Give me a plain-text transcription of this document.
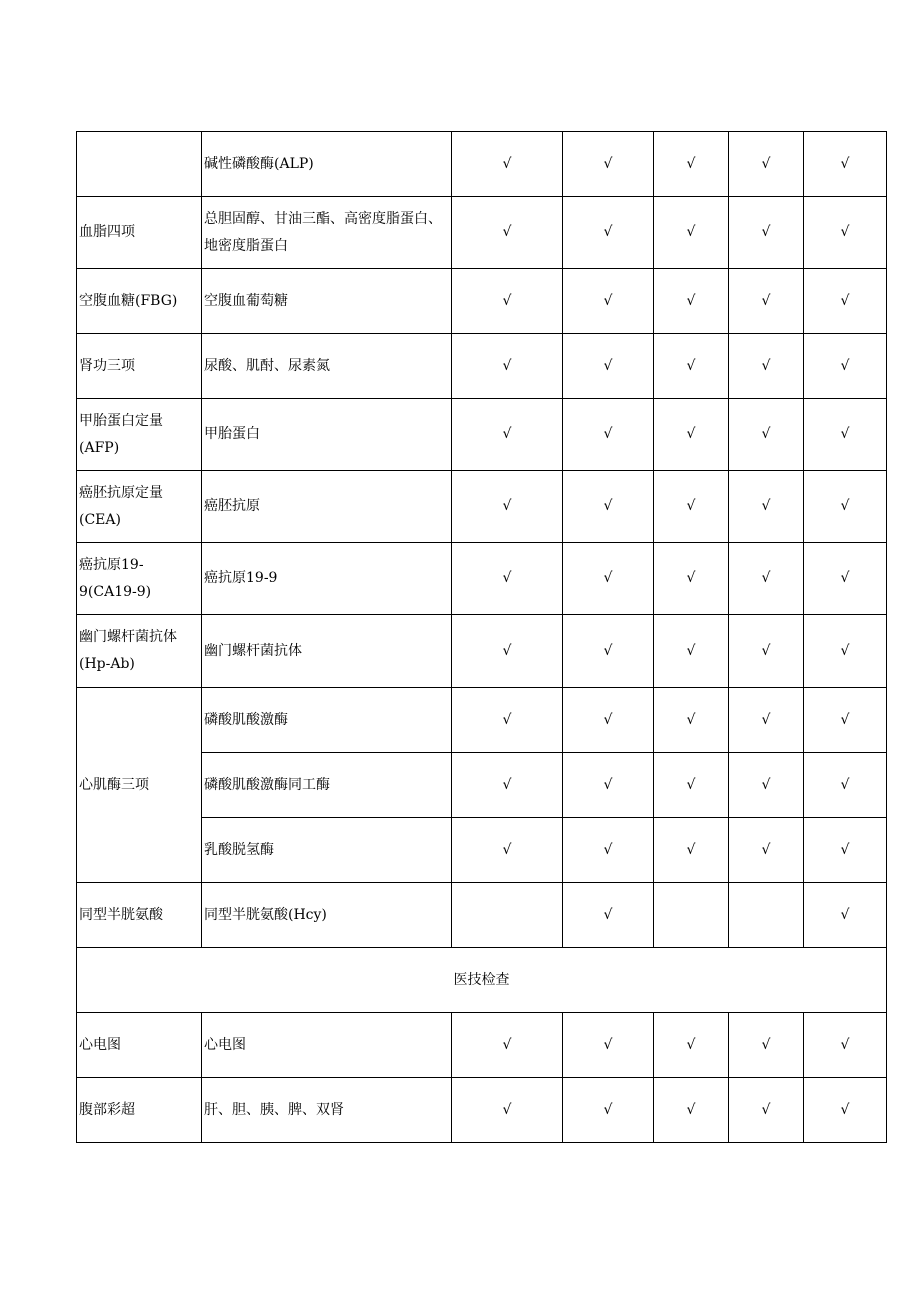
	碱性磷酸酶(ALP)	√	√	√	√	√
血脂四项	总胆固醇、甘油三酯、高密度脂蛋白、地密度脂蛋白	√	√	√	√	√
空腹血糖(FBG)	空腹血葡萄糖	√	√	√	√	√
肾功三项	尿酸、肌酎、尿素氮	√	√	√	√	√
甲胎蛋白定量(AFP)	甲胎蛋白	√	√	√	√	√
癌胚抗原定量(CEA)	癌胚抗原	√	√	√	√	√
癌抗原19-9(CA19-9)	癌抗原19-9	√	√	√	√	√
幽门螺杆菌抗体(Hp-Ab)	幽门螺杆菌抗体	√	√	√	√	√
心肌酶三项	磷酸肌酸激酶	√	√	√	√	√
	磷酸肌酸激酶同工酶	√	√	√	√	√
	乳酸脱氢酶	√	√	√	√	√
同型半胱氨酸	同型半胱氨酸(Hcy)		√			√
医技检查						
心电图	心电图	√	√	√	√	√
腹部彩超	肝、胆、胰、脾、双肾	√	√	√	√	√
